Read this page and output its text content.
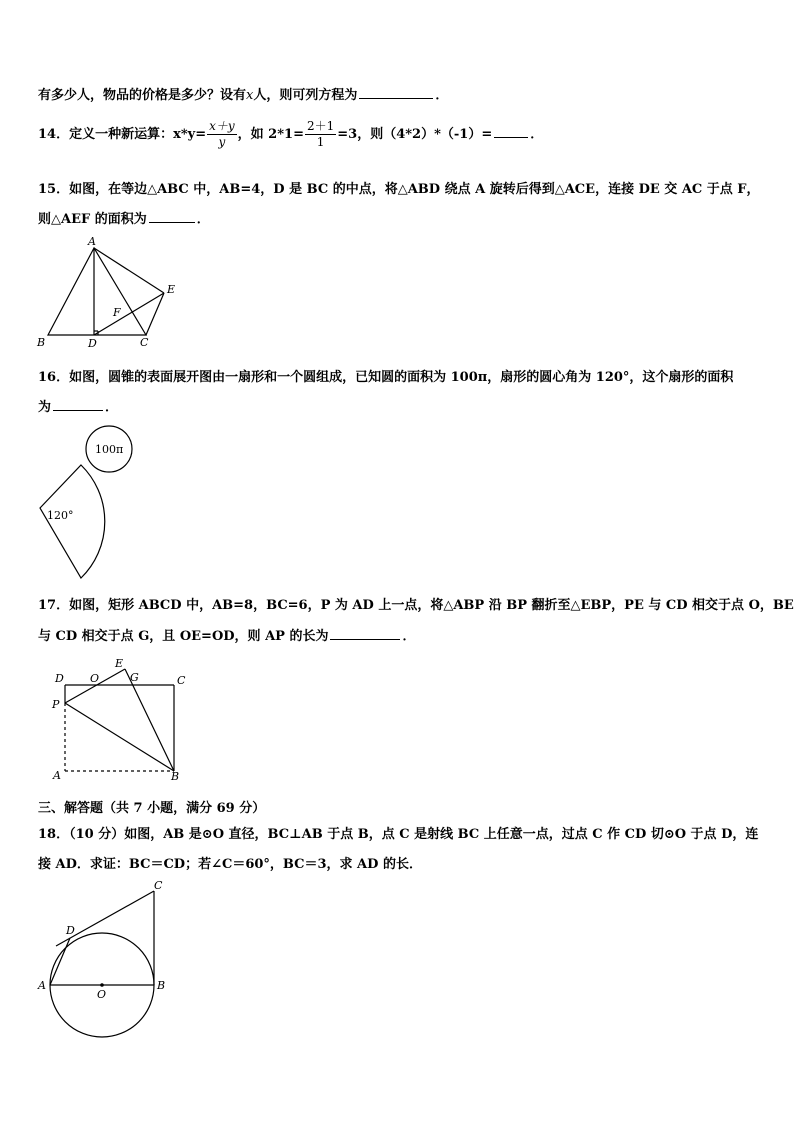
有多少人，物品的价格是多少？设有x人，则可列方程为	．
14．定义一种新运算：$x*y= \frac{x+y}{y}$ ，如 $2*1= \frac{2+1}{1} =3$，则（4*2）*（-1）=	．
15．如图，在等边△ABC 中，AB=4，D 是 BC 的中点，将△ABD 绕点 A 旋转后得到△ACE，连接 DE 交 AC 于点 F，
则△AEF 的面积为	．
A
B	C
D
E
F
16．如图，圆锥的表面展开图由一扇形和一个圆组成，已知圆的面积为 100π，扇形的圆心角为 120°，这个扇形的面积
为	．
100π
120°
17．如图，矩形 ABCD 中，AB=8，BC=6，P 为 AD 上一点，将△ABP 沿 BP 翻折至△EBP，PE 与 CD 相交于点 O，BE
与 CD 相交于点 G，且 OE=OD，则 AP 的长为	．
D O
E
G	C
P
A	B
三、解答题（共 7 小题，满分 69 分）
18．（10 分）如图，AB 是⊙O 直径，BC⊥AB 于点 B，点 C 是射线 BC 上任意一点，过点 C 作 CD 切⊙O 于点 D，连
接 AD．求证：BC＝CD；若∠C＝60°，BC＝3，求 AD 的长．
C
D
A	B
O
